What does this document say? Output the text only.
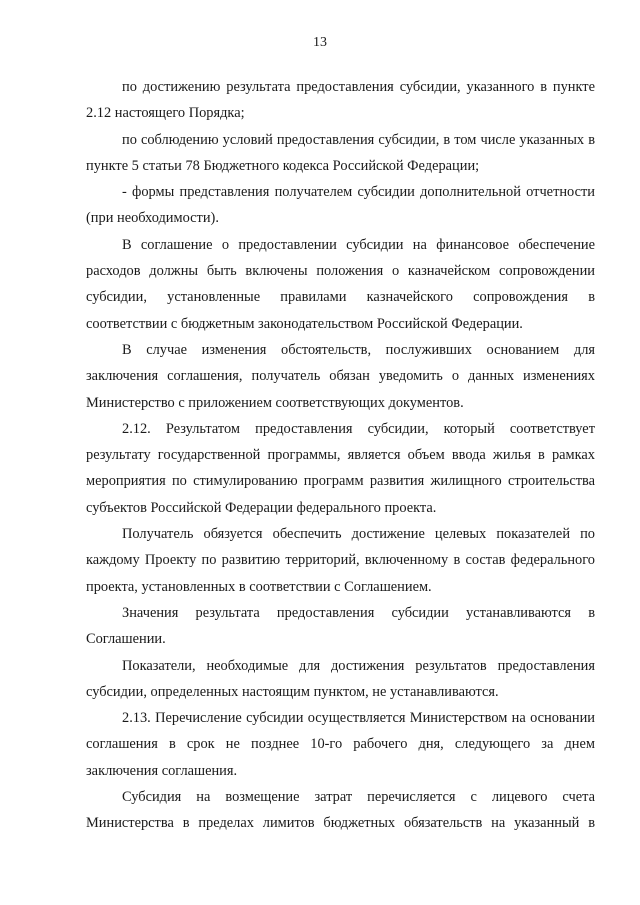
13

по достижению результата предоставления субсидии, указанного в пункте 2.12 настоящего Порядка;

по соблюдению условий предоставления субсидии, в том числе указанных в пункте 5 статьи 78 Бюджетного кодекса Российской Федерации;

- формы представления получателем субсидии дополнительной отчетности (при необходимости).

В соглашение о предоставлении субсидии на финансовое обеспечение расходов должны быть включены положения о казначейском сопровождении субсидии, установленные правилами казначейского сопровождения в соответствии с бюджетным законодательством Российской Федерации.

В случае изменения обстоятельств, послуживших основанием для заключения соглашения, получатель обязан уведомить о данных изменениях Министерство с приложением соответствующих документов.

2.12. Результатом предоставления субсидии, который соответствует результату государственной программы, является объем ввода жилья в рамках мероприятия по стимулированию программ развития жилищного строительства субъектов Российской Федерации федерального проекта.

Получатель обязуется обеспечить достижение целевых показателей по каждому Проекту по развитию территорий, включенному в состав федерального проекта, установленных в соответствии с Соглашением.

Значения результата предоставления субсидии устанавливаются в Соглашении.

Показатели, необходимые для достижения результатов предоставления субсидии, определенных настоящим пунктом, не устанавливаются.

2.13. Перечисление субсидии осуществляется Министерством на основании соглашения в срок не позднее 10-го рабочего дня, следующего за днем заключения соглашения.

Субсидия на возмещение затрат перечисляется с лицевого счета Министерства в пределах лимитов бюджетных обязательств на указанный в
